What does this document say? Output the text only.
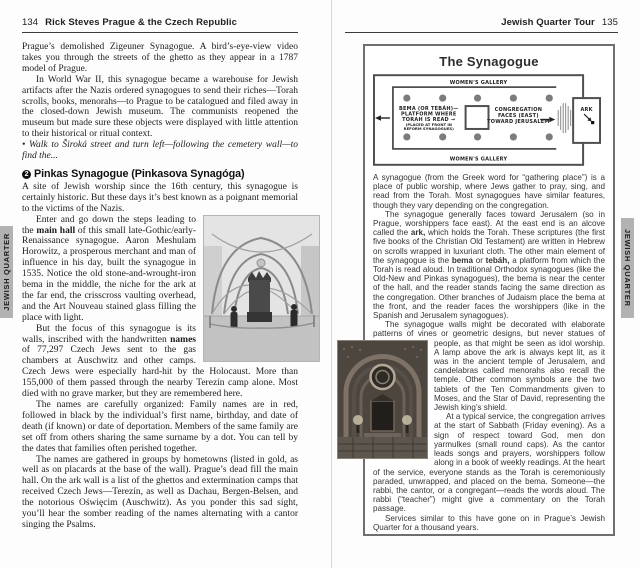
134 Rick Steves Prague & the Czech Republic
JEWISH QUARTER

Prague’s demolished Zigeuner Synagogue. A bird’s-eye-view video takes you through the streets of the ghetto as they appear in a 1787 model of Prague.

In World War II, this synagogue became a warehouse for Jewish artifacts after the Nazis ordered synagogues to send their riches—Torah scrolls, books, menorahs—to Prague to be catalogued and filed away in the closed-down Jewish museum. The communists reopened the museum but made sure these objects were displayed with little attention to their historical or ritual context.

• Walk to Široká street and turn left—following the cemetery wall—to find the...

2 Pinkas Synagogue (Pinkasova Synagóga)

A site of Jewish worship since the 16th century, this synagogue is certainly historic. But these days it’s best known as a poignant memorial to the victims of the Nazis.

Enter and go down the steps leading to the main hall of this small late-Gothic/early-Renaissance synagogue. Aaron Meshulam Horowitz, a prosperous merchant and man of influence in his day, built the synagogue in 1535. Notice the old stone-and-wrought-iron bema in the middle, the niche for the ark at the far end, the crisscross vaulting overhead, and the Art Nouveau stained glass filling the place with light.

But the focus of this synagogue is its walls, inscribed with the handwritten names of 77,297 Czech Jews sent to the gas chambers at Auschwitz and other camps. Czech Jews were especially hard-hit by the Holocaust. More than 155,000 of them passed through the nearby Terezín camp alone. Most died with no grave marker, but they are remembered here.

The names are carefully organized: Family names are in red, followed in black by the individual’s first name, birthday, and date of death (if known) or date of deportation. Members of the same family are set off from others sharing the same surname by a dot. You can tell by the dates that families often perished together.

The names are gathered in groups by hometowns (listed in gold, as well as on placards at the base of the wall). Prague’s dead fill the main hall. On the ark wall is a list of the ghettos and extermination camps that received Czech Jews—Terezín, as well as Dachau, Bergen-Belsen, and the notorious Oświęcim (Auschwitz). As you ponder this sad sight, you’ll hear the somber reading of the names alternating with a cantor singing the Psalms.

Jewish Quarter Tour 135
JEWISH QUARTER
The Synagogue
WOMEN'S GALLERY
WOMEN'S GALLERY
BEMA (OR TEBÁH)—
PLATFORM WHERE
TORAH IS READ →
(PLACED AT FRONT IN
REFORM SYNAGOGUES)
CONGREGATION
FACES (EAST)
TOWARD JERUSALEM
ARK

A synagogue (from the Greek word for “gathering place”) is a place of public worship, where Jews gather to pray, sing, and read from the Torah. Most synagogues have similar features, though they vary depending on the congregation.

The synagogue generally faces toward Jerusalem (so in Prague, worshippers face east). At the east end is an alcove called the ark, which holds the Torah. These scriptures (the first five books of the Christian Old Testament) are written in Hebrew on scrolls wrapped in luxuriant cloth. The other main element of the synagogue is the bema or tebáh, a platform from which the Torah is read aloud. In traditional Orthodox synagogues (like the Old-New and Pinkas synagogues), the bema is near the center of the hall, and the reader stands facing the same direction as the congregation. Other branches of Judaism place the bema at the front, and the reader faces the worshippers (like in the Spanish and Jerusalem synagogues).

The synagogue walls might be decorated with elaborate patterns of vines or geometric designs, but never statues of
people, as that might be seen as idol worship. A lamp above the ark is always kept lit, as it was in the ancient temple of Jerusalem, and candelabras called menorahs also recall the temple. Other common symbols are the two tablets of the Ten Commandments given to Moses, and the Star of David, representing the Jewish king’s shield.

At a typical service, the congregation arrives at the start of Sabbath (Friday evening). As a sign of respect toward God, men don yarmulkes (small round caps). As the cantor leads songs and prayers, worshippers follow along in a book of weekly readings. At the heart of the service, everyone stands as the Torah is ceremoniously paraded, unwrapped, and placed on the bema. Someone—the rabbi, the cantor, or a congregant—reads the words aloud. The rabbi (“teacher”) might give a commentary on the Torah passage.

Services similar to this have gone on in Prague’s Jewish Quarter for a thousand years.
